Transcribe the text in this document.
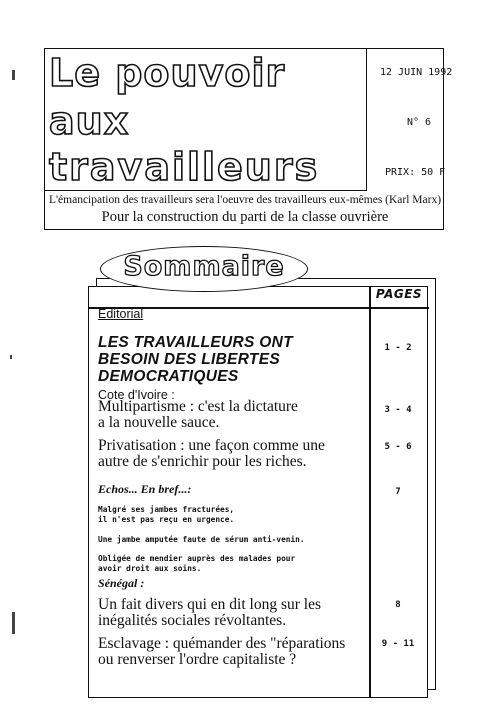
Le pouvoir
aux
travailleurs
12 JUIN 1992
N° 6
PRIX: 50 F
L'émancipation des travailleurs sera l'oeuvre des travailleurs eux-mêmes (Karl Marx)
Pour la construction du parti de la classe ouvrière
PAGES
Sommaire
Editorial
LES TRAVAILLEURS ONT
BESOIN DES LIBERTES
DEMOCRATIQUES
Cote d'Ivoire :
Multipartisme : c'est la dictature
a la nouvelle sauce.
Privatisation : une façon comme une
autre de s'enrichir pour les riches.
Echos... En bref...:
Malgré ses jambes fracturées,
il n'est pas reçu en urgence.
Une jambe amputée faute de sérum anti-venin.
Obligée de mendier auprès des malades pour
avoir droit aux soins.
Sénégal :
Un fait divers qui en dit long sur les
inégalités sociales révoltantes.
Esclavage : quémander des "réparations
ou renverser l'ordre capitaliste ?
1 - 2
3 - 4
5 - 6
7
8
9 - 11
